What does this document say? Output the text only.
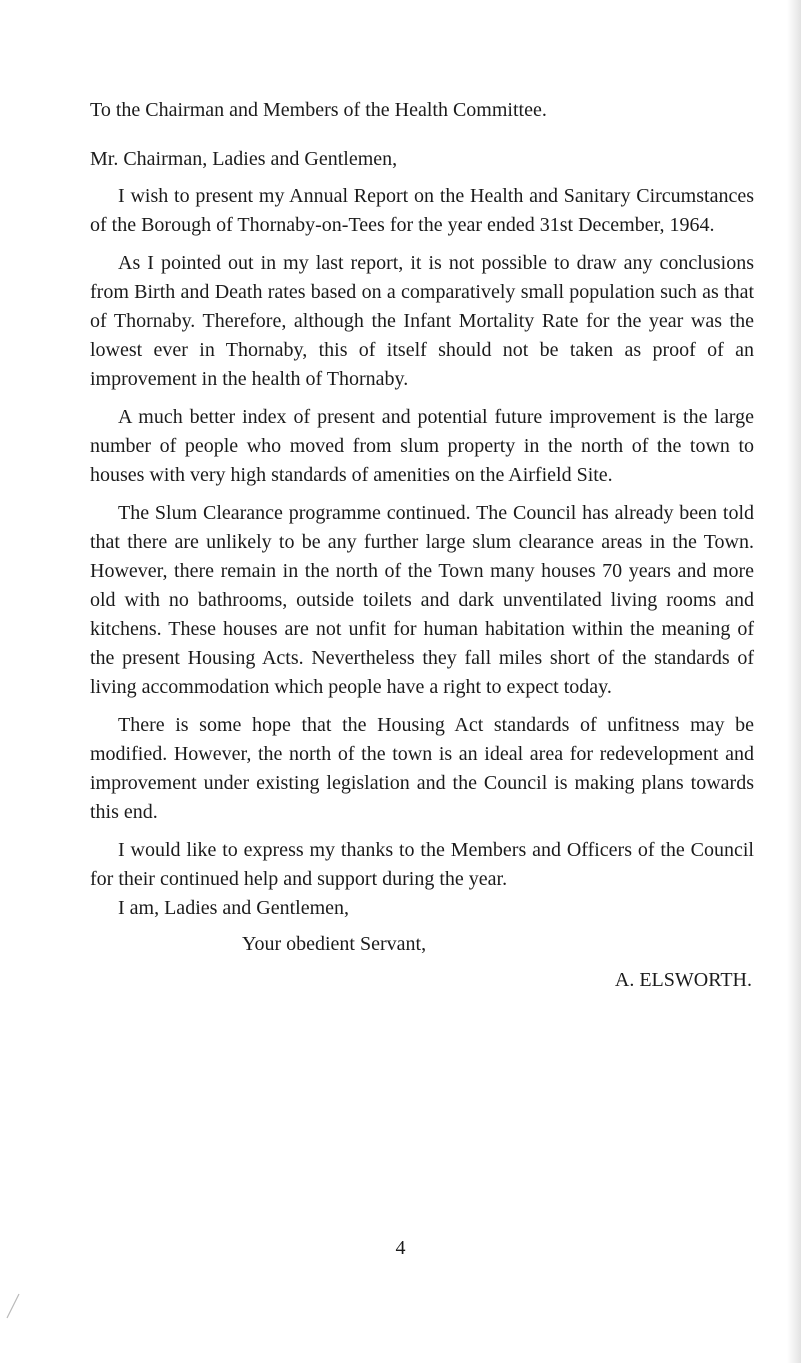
To the Chairman and Members of the Health Committee.

Mr. Chairman, Ladies and Gentlemen,

I wish to present my Annual Report on the Health and Sanitary Circumstances of the Borough of Thornaby-on-Tees for the year ended 31st December, 1964.

As I pointed out in my last report, it is not possible to draw any conclusions from Birth and Death rates based on a comparatively small population such as that of Thornaby. Therefore, although the Infant Mortality Rate for the year was the lowest ever in Thornaby, this of itself should not be taken as proof of an improvement in the health of Thornaby.

A much better index of present and potential future improvement is the large number of people who moved from slum property in the north of the town to houses with very high standards of amenities on the Airfield Site.

The Slum Clearance programme continued. The Council has already been told that there are unlikely to be any further large slum clearance areas in the Town. However, there remain in the north of the Town many houses 70 years and more old with no bathrooms, outside toilets and dark unventilated living rooms and kitchens. These houses are not unfit for human habitation within the meaning of the present Housing Acts. Nevertheless they fall miles short of the standards of living accommodation which people have a right to expect today.

There is some hope that the Housing Act standards of unfitness may be modified. However, the north of the town is an ideal area for redevelopment and improvement under existing legislation and the Council is making plans towards this end.

I would like to express my thanks to the Members and Officers of the Council for their continued help and support during the year.

I am, Ladies and Gentlemen,

Your obedient Servant,

A. ELSWORTH.

4
